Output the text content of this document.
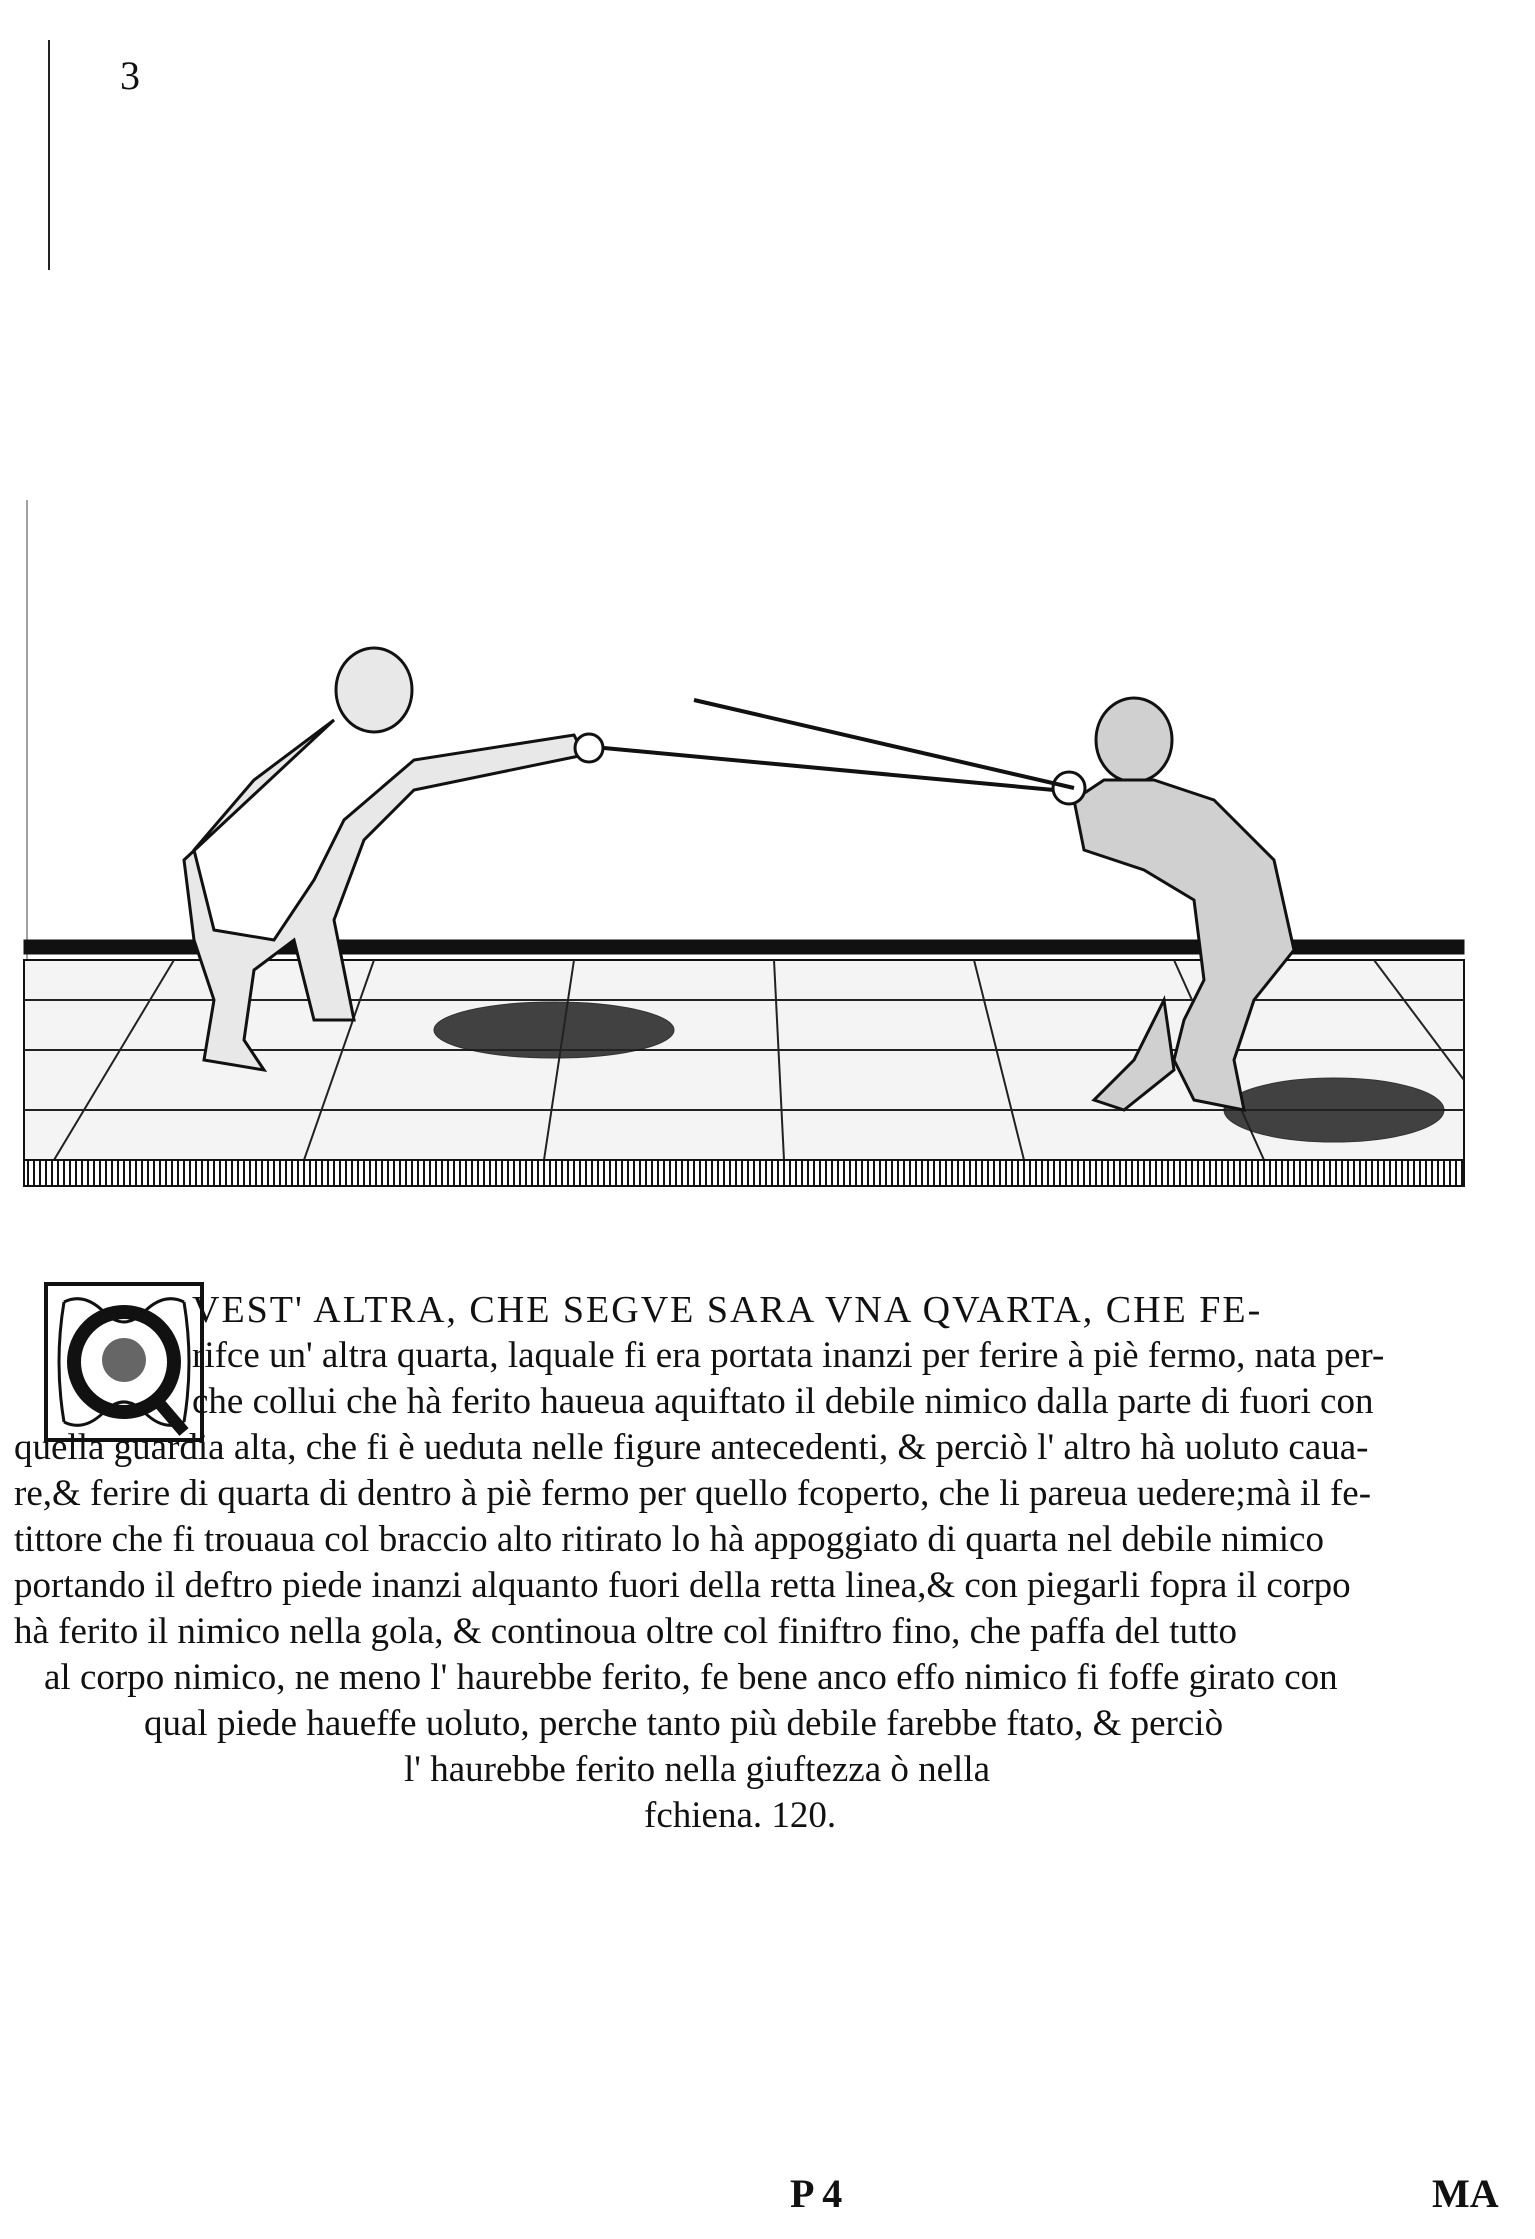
3
VEST' ALTRA, CHE SEGVE SARA VNA QVARTA, CHE FE-
rifce un' altra quarta, laquale fi era portata inanzi per ferire à piè fermo, nata per-
che collui che hà ferito haueua aquiftato il debile nimico dalla parte di fuori con
quella guardia alta, che fi è ueduta nelle figure antecedenti, & perciò l' altro hà uoluto caua-
re,& ferire di quarta di dentro à piè fermo per quello fcoperto, che li pareua uedere;mà il fe-
tittore che fi trouaua col braccio alto ritirato lo hà appoggiato di quarta nel debile nimico
portando il deftro piede inanzi alquanto fuori della retta linea,& con piegarli fopra il corpo
hà ferito il nimico nella gola, & continoua oltre col finiftro fino, che paffa del tutto
al corpo nimico, ne meno l' haurebbe ferito, fe bene anco effo nimico fi foffe girato con
qual piede haueffe uoluto, perche tanto più debile farebbe ftato, & perciò
l' haurebbe ferito nella giuftezza ò nella
fchiena. 120.
P 4	MA
